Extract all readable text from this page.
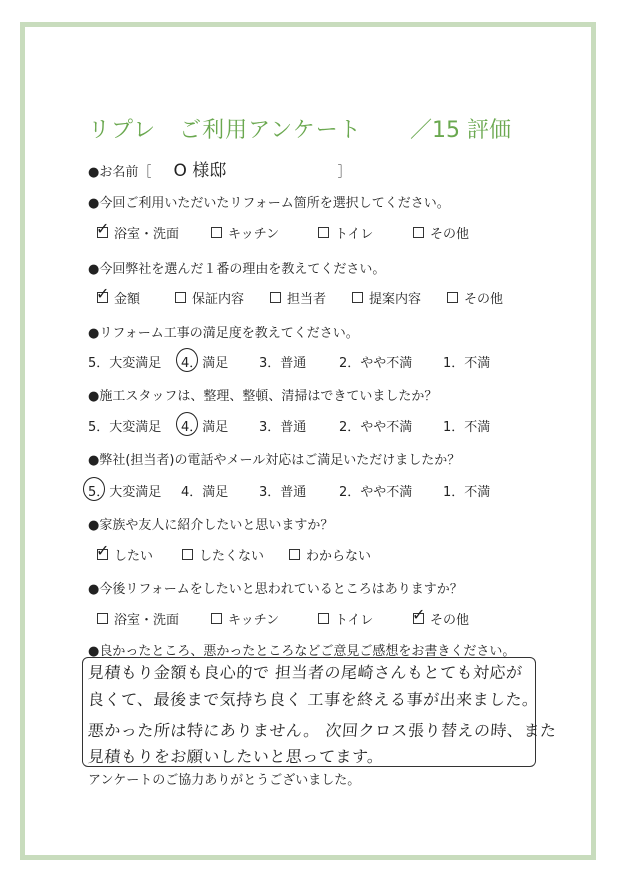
リプレ　ご利用アンケート ／15 評価
●お名前［ O 様邸	］
●今回ご利用いただいたリフォーム箇所を選択してください。
✓ 浴室・洗面	キッチン	トイレ	その他
●今回弊社を選んだ１番の理由を教えてください。
✓ 金額	保証内容	担当者	提案内容	その他
●リフォーム工事の満足度を教えてください。
5．大変満足	4．満足	3．普通	2．やや不満	1．不満
●施工スタッフは、整理、整頓、清掃はできていましたか？
5．大変満足	4．満足	3．普通	2．やや不満	1．不満
●弊社(担当者)の電話やメール対応はご満足いただけましたか？
5．大変満足	4．満足	3．普通	2．やや不満	1．不満
●家族や友人に紹介したいと思いますか？
✓ したい	したくない	わからない
●今後リフォームをしたいと思われているところはありますか？
浴室・洗面	キッチン	トイレ ✓ その他
●良かったところ、悪かったところなどご意見ご感想をお書きください。
見積もり金額も良心的で 担当者の尾崎さんもとても対応が
良くて、最後まで気持ち良く 工事を終える事が出来ました。
悪かった所は特にありません。 次回クロス張り替えの時、また
見積もりをお願いしたいと思ってます。
アンケートのご協力ありがとうございました。
